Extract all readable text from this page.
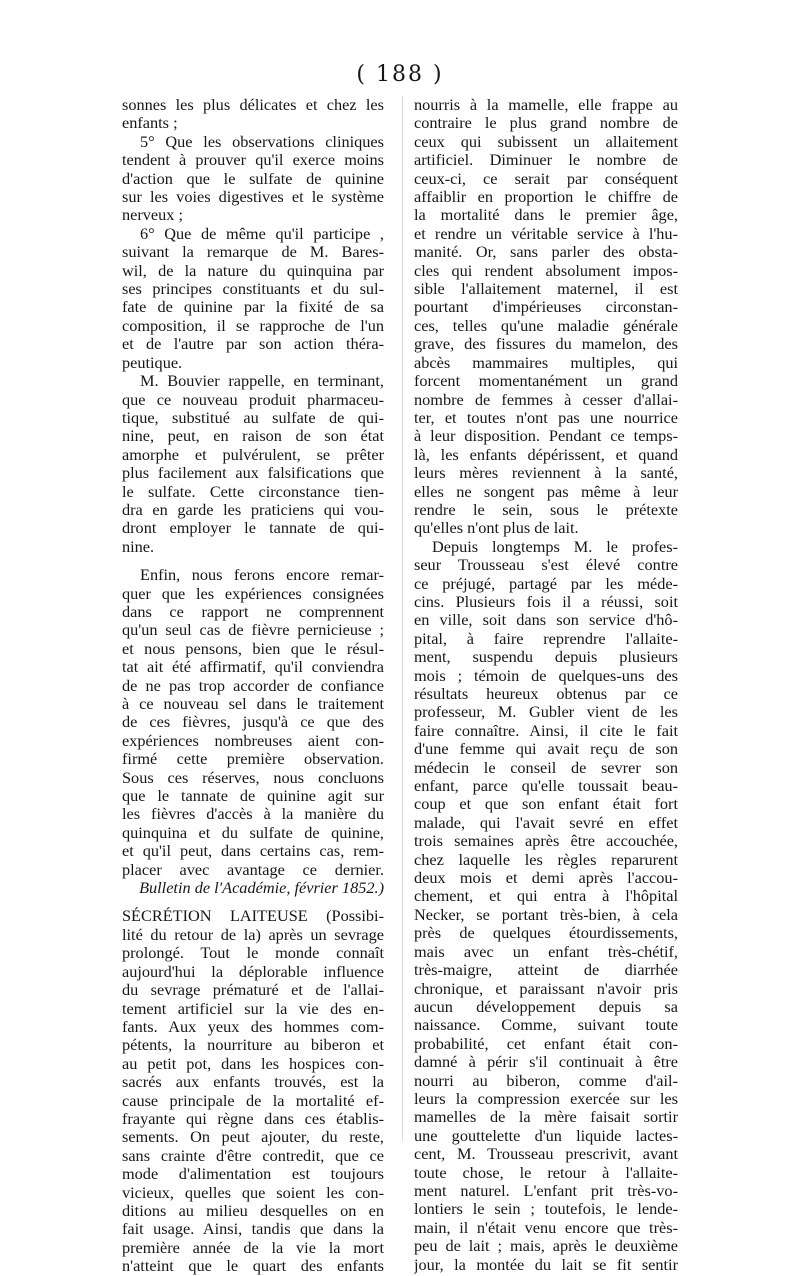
( 188 )
sonnes les plus délicates et chez les
enfants ;
5° Que les observations cliniques
tendent à prouver qu'il exerce moins
d'action que le sulfate de quinine
sur les voies digestives et le système
nerveux ;
6° Que de même qu'il participe ,
suivant la remarque de M. Bares-
wil, de la nature du quinquina par
ses principes constituants et du sul-
fate de quinine par la fixité de sa
composition, il se rapproche de l'un
et de l'autre par son action théra-
peutique.
M. Bouvier rappelle, en terminant,
que ce nouveau produit pharmaceu-
tique, substitué au sulfate de qui-
nine, peut, en raison de son état
amorphe et pulvérulent, se prêter
plus facilement aux falsifications que
le sulfate. Cette circonstance tien-
dra en garde les praticiens qui vou-
dront employer le tannate de qui-
nine.
Enfin, nous ferons encore remar-
quer que les expériences consignées
dans ce rapport ne comprennent
qu'un seul cas de fièvre pernicieuse ;
et nous pensons, bien que le résul-
tat ait été affirmatif, qu'il conviendra
de ne pas trop accorder de confiance
à ce nouveau sel dans le traitement
de ces fièvres, jusqu'à ce que des
expériences nombreuses aient con-
firmé cette première observation.
Sous ces réserves, nous concluons
que le tannate de quinine agit sur
les fièvres d'accès à la manière du
quinquina et du sulfate de quinine,
et qu'il peut, dans certains cas, rem-
placer avec avantage ce dernier.
Bulletin de l'Académie, février 1852.)
SÉCRÉTION LAITEUSE (Possibi-
lité du retour de la) après un sevrage
prolongé. Tout le monde connaît
aujourd'hui la déplorable influence
du sevrage prématuré et de l'allai-
tement artificiel sur la vie des en-
fants. Aux yeux des hommes com-
pétents, la nourriture au biberon et
au petit pot, dans les hospices con-
sacrés aux enfants trouvés, est la
cause principale de la mortalité ef-
frayante qui règne dans ces établis-
sements. On peut ajouter, du reste,
sans crainte d'être contredit, que ce
mode d'alimentation est toujours
vicieux, quelles que soient les con-
ditions au milieu desquelles on en
fait usage. Ainsi, tandis que dans la
première année de la vie la mort
n'atteint que le quart des enfants
nourris à la mamelle, elle frappe au
contraire le plus grand nombre de
ceux qui subissent un allaitement
artificiel. Diminuer le nombre de
ceux-ci, ce serait par conséquent
affaiblir en proportion le chiffre de
la mortalité dans le premier âge,
et rendre un véritable service à l'hu-
manité. Or, sans parler des obsta-
cles qui rendent absolument impos-
sible l'allaitement maternel, il est
pourtant d'impérieuses circonstan-
ces, telles qu'une maladie générale
grave, des fissures du mamelon, des
abcès mammaires multiples, qui
forcent momentanément un grand
nombre de femmes à cesser d'allai-
ter, et toutes n'ont pas une nourrice
à leur disposition. Pendant ce temps-
là, les enfants dépérissent, et quand
leurs mères reviennent à la santé,
elles ne songent pas même à leur
rendre le sein, sous le prétexte
qu'elles n'ont plus de lait.
Depuis longtemps M. le profes-
seur Trousseau s'est élevé contre
ce préjugé, partagé par les méde-
cins. Plusieurs fois il a réussi, soit
en ville, soit dans son service d'hô-
pital, à faire reprendre l'allaite-
ment, suspendu depuis plusieurs
mois ; témoin de quelques-uns des
résultats heureux obtenus par ce
professeur, M. Gubler vient de les
faire connaître. Ainsi, il cite le fait
d'une femme qui avait reçu de son
médecin le conseil de sevrer son
enfant, parce qu'elle toussait beau-
coup et que son enfant était fort
malade, qui l'avait sevré en effet
trois semaines après être accouchée,
chez laquelle les règles reparurent
deux mois et demi après l'accou-
chement, et qui entra à l'hôpital
Necker, se portant très-bien, à cela
près de quelques étourdissements,
mais avec un enfant très-chétif,
très-maigre, atteint de diarrhée
chronique, et paraissant n'avoir pris
aucun développement depuis sa
naissance. Comme, suivant toute
probabilité, cet enfant était con-
damné à périr s'il continuait à être
nourri au biberon, comme d'ail-
leurs la compression exercée sur les
mamelles de la mère faisait sortir
une gouttelette d'un liquide lactes-
cent, M. Trousseau prescrivit, avant
toute chose, le retour à l'allaite-
ment naturel. L'enfant prit très-vo-
lontiers le sein ; toutefois, le lende-
main, il n'était venu encore que très-
peu de lait ; mais, après le deuxième
jour, la montée du lait se fit sentir
